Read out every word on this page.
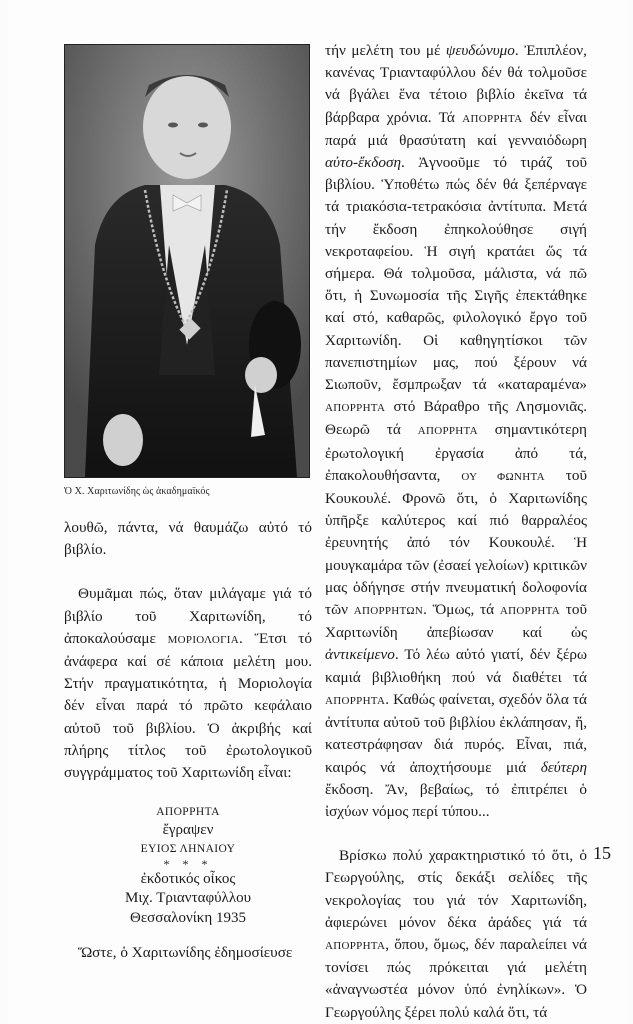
Ὁ Χ. Χαριτωνίδης ὡς ἀκαδημαϊκός

λουθῶ, πάντα, νά θαυμάζω αὐτό τό βιβλίο.

Θυμᾶμαι πώς, ὅταν μιλάγαμε γιά τό βιβλίο τοῦ Χαριτωνίδη, τό ἀποκαλούσαμε ΜΟΡΙΟΛΟΓΙΑ. Ἔτσι τό ἀνάφερα καί σέ κάποια μελέτη μου. Στήν πραγματικότητα, ἡ Μοριολογία δέν εἶναι παρά τό πρῶτο κεφάλαιο αὐτοῦ τοῦ βιβλίου. Ὁ ἀκριβής καί πλήρης τίτλος τοῦ ἐρωτολογικοῦ συγγράμματος τοῦ Χαριτωνίδη εἶναι:

ΑΠΟΡΡΗΤΑ
ἔγραψεν
ΕΥΙΟΣ ΛΗΝΑΙΟΥ
* * *
ἐκδοτικός οἶκος
Μιχ. Τριανταφύλλου
Θεσσαλονίκη 1935

Ὥστε, ὁ Χαριτωνίδης ἐδημοσίευσε

τήν μελέτη του μέ ψευδώνυμο. Ἐπιπλέον, κανένας Τριανταφύλλου δέν θά τολμοῦσε νά βγάλει ἕνα τέτοιο βιβλίο ἐκεῖνα τά βάρβαρα χρόνια. Τά ΑΠΟΡΡΗΤΑ δέν εἶναι παρά μιά θρασύτατη καί γενναιόδωρη αὐτο-ἔκδοση. Ἀγνοοῦμε τό τιράζ τοῦ βιβλίου. Ὑποθέτω πώς δέν θά ξεπέρναγε τά τριακόσια-τετρακόσια ἀντίτυπα. Μετά τήν ἔκδοση ἐπηκολούθησε σιγή νεκροταφείου. Ἡ σιγή κρατάει ὥς τά σήμερα. Θά τολμοῦσα, μάλιστα, νά πῶ ὅτι, ἡ Συνωμοσία τῆς Σιγῆς ἐπεκτάθηκε καί στό, καθαρῶς, φιλολογικό ἔργο τοῦ Χαριτωνίδη. Οἱ καθηγητίσκοι τῶν πανεπιστημίων μας, πού ξέρουν νά Σιωποῦν, ἔσμπρωξαν τά «καταραμένα» ΑΠΟΡΡΗΤΑ στό Βάραθρο τῆς Λησμονιᾶς. Θεωρῶ τά ΑΠΟΡΡΗΤΑ σημαντικότερη ἐρωτολογική ἐργασία ἀπό τά, ἐπακολουθήσαντα, ΟΥ ΦΩΝΗΤΑ τοῦ Κουκουλέ. Φρονῶ ὅτι, ὁ Χαριτωνίδης ὑπῆρξε καλύτερος καί πιό θαρραλέος ἐρευνητής ἀπό τόν Κουκουλέ. Ἡ μουγκαμάρα τῶν (ἐσαεί γελοίων) κριτικῶν μας ὁδήγησε στήν πνευματική δολοφονία τῶν ΑΠΟΡΡΗΤΩΝ. Ὅμως, τά ΑΠΟΡΡΗΤΑ τοῦ Χαριτωνίδη ἀπεβίωσαν καί ὡς ἀντικείμενο. Τό λέω αὐτό γιατί, δέν ξέρω καμιά βιβλιοθήκη πού νά διαθέτει τά ΑΠΟΡΡΗΤΑ. Καθώς φαίνεται, σχεδόν ὅλα τά ἀντίτυπα αὐτοῦ τοῦ βιβλίου ἐκλάπησαν, ἤ, κατεστράφησαν διά πυρός. Εἶναι, πιά, καιρός νά ἀποχτήσουμε μιά δεύτερη ἔκδοση. Ἄν, βεβαίως, τό ἐπιτρέπει ὁ ἰσχύων νόμος περί τύπου...

Βρίσκω πολύ χαρακτηριστικό τό ὅτι, ὁ Γεωργούλης, στίς δεκάξι σελίδες τῆς νεκρολογίας του γιά τόν Χαριτωνίδη, ἀφιερώνει μόνον δέκα ἀράδες γιά τά ΑΠΟΡΡΗΤΑ, ὅπου, ὅμως, δέν παραλείπει νά τονίσει πώς πρόκειται γιά μελέτη «ἀναγνωστέα μόνον ὑπό ἐνηλίκων». Ὁ Γεωργούλης ξέρει πολύ καλά ὅτι, τά

15
